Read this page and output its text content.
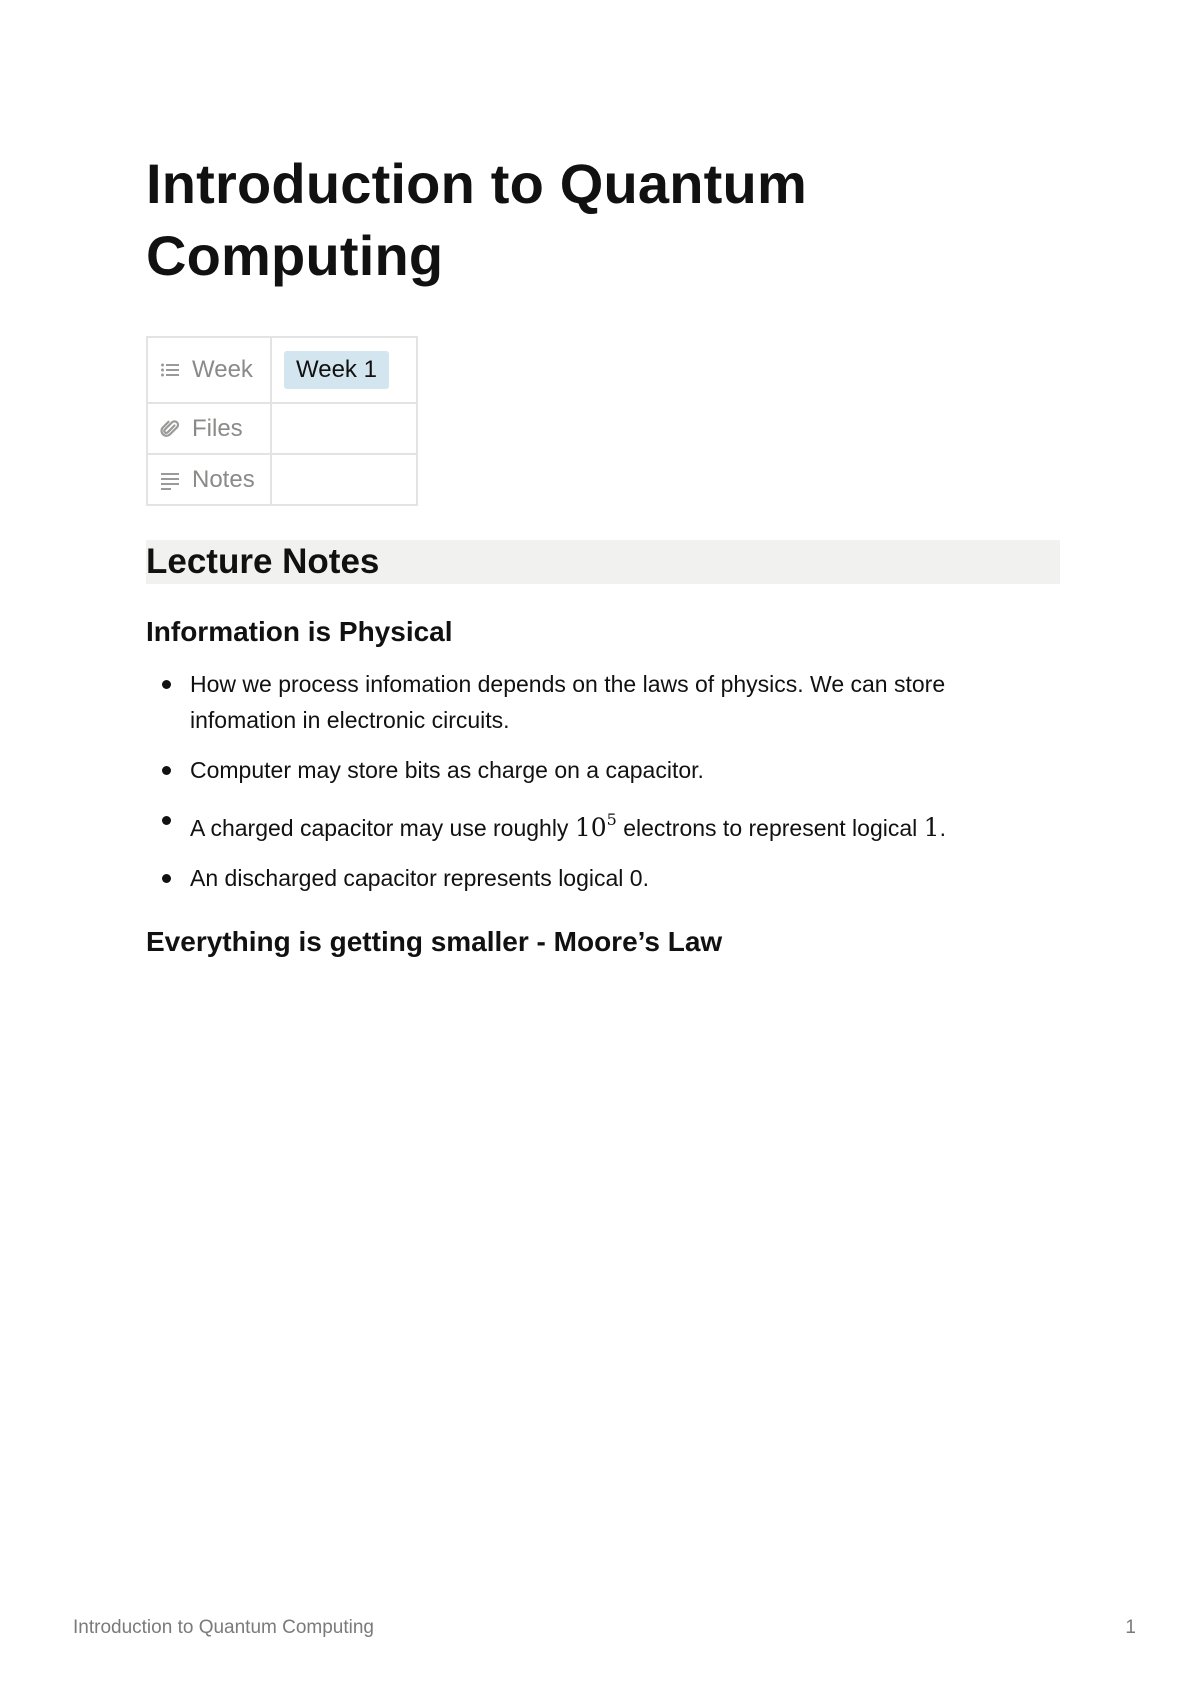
Introduction to Quantum Computing
Week	Week 1

Files	

Notes	

Lecture Notes
Information is Physical
How we process infomation depends on the laws of physics. We can store infomation in electronic circuits.
Computer may store bits as charge on a capacitor.
A charged capacitor may use roughly $10^5$ electrons to represent logical 1.
An discharged capacitor represents logical 0.
Everything is getting smaller - Moore’s Law
Introduction to Quantum Computing	1
